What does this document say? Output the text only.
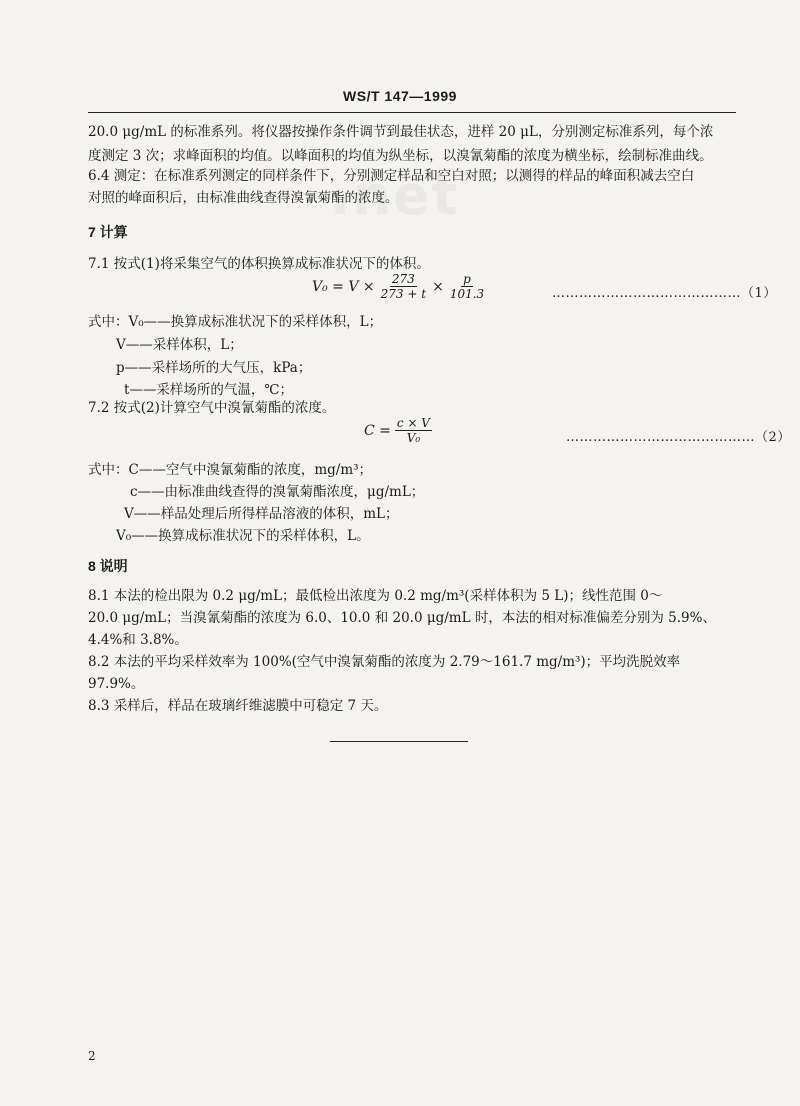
.net
WS/T 147—1999
20.0 μg/mL 的标准系列。将仪器按操作条件调节到最佳状态，进样 20 μL，分别测定标准系列，每个浓
度测定 3 次；求峰面积的均值。以峰面积的均值为纵坐标，以溴氰菊酯的浓度为横坐标，绘制标准曲线。
6.4 测定：在标准系列测定的同样条件下，分别测定样品和空白对照；以测得的样品的峰面积减去空白
对照的峰面积后，由标准曲线查得溴氰菊酯的浓度。
7 计算
7.1 按式(1)将采集空气的体积换算成标准状况下的体积。
$V_0 = V \times \frac{273}{273 + t} \times \frac{p}{101.3}$	……………………………………（1）
式中：V₀——换算成标准状况下的采样体积，L；
V——采样体积，L；
p——采样场所的大气压，kPa；
t——采样场所的气温，℃；
7.2 按式(2)计算空气中溴氰菊酯的浓度。
$C = \frac{c \times V}{\text{V₀}}$	……………………………………（2）
式中：C——空气中溴氰菊酯的浓度，mg/m³；
c——由标准曲线查得的溴氰菊酯浓度，μg/mL；
V——样品处理后所得样品溶液的体积，mL；
V₀——换算成标准状况下的采样体积，L。
8 说明
8.1 本法的检出限为 0.2 μg/mL；最低检出浓度为 0.2 mg/m³(采样体积为 5 L)；线性范围 0～
20.0 μg/mL；当溴氰菊酯的浓度为 6.0、10.0 和 20.0 μg/mL 时，本法的相对标准偏差分别为 5.9%、
4.4%和 3.8%。
8.2 本法的平均采样效率为 100%(空气中溴氰菊酯的浓度为 2.79～161.7 mg/m³)；平均洗脱效率
97.9%。
8.3 采样后，样品在玻璃纤维滤膜中可稳定 7 天。
2
